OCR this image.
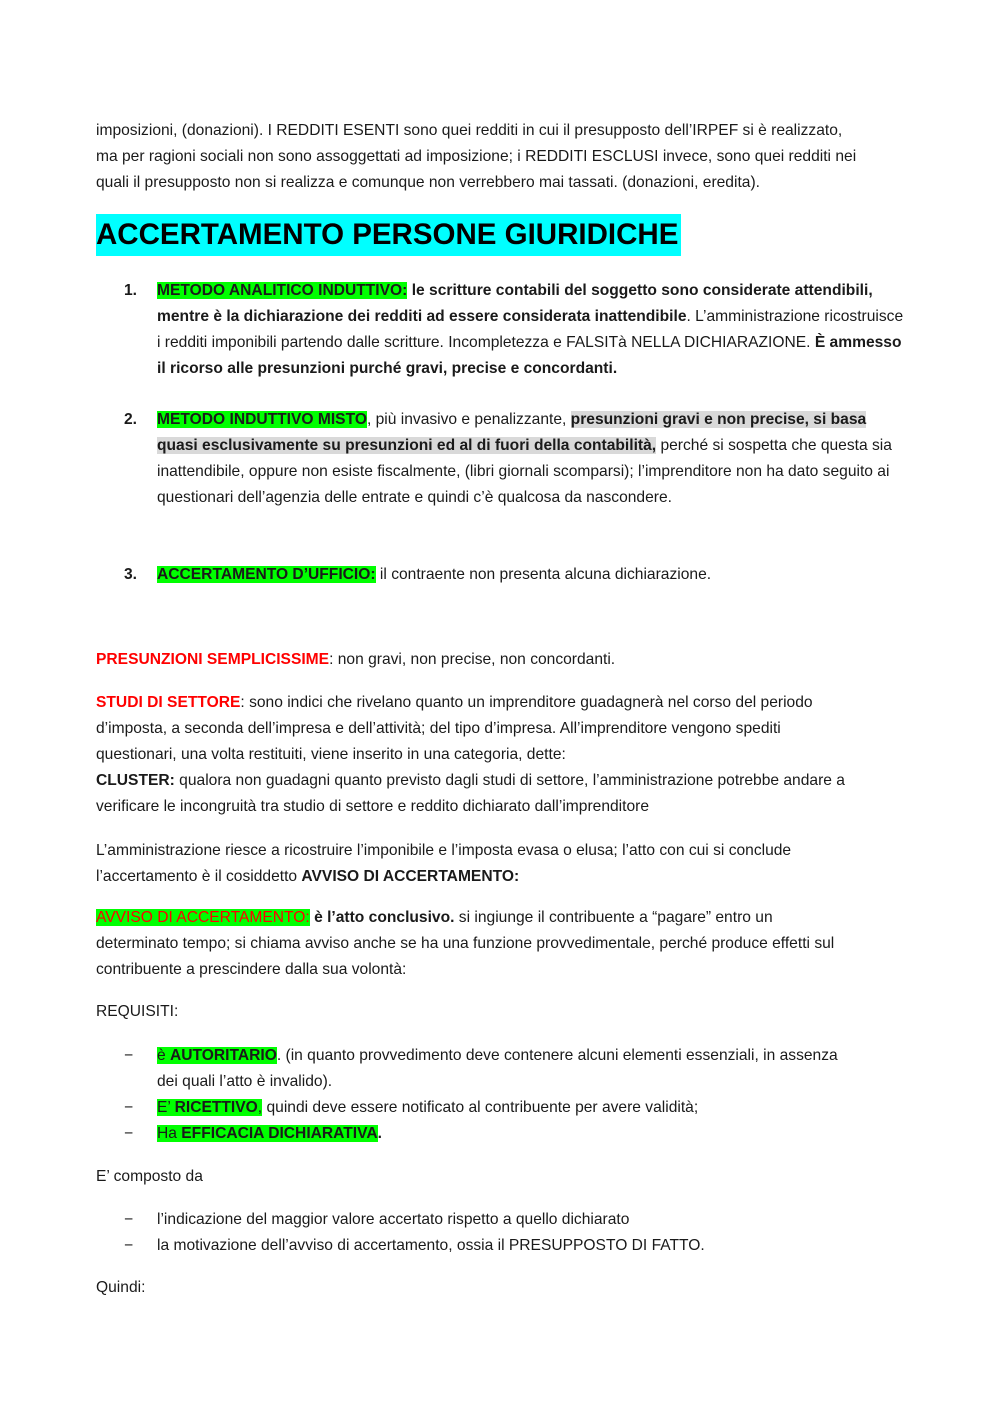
imposizioni, (donazioni). I REDDITI ESENTI sono quei redditi in cui il presupposto dell’IRPEF si è realizzato,
ma per ragioni sociali non sono assoggettati ad imposizione; i REDDITI ESCLUSI invece, sono quei redditi nei
quali il presupposto non si realizza e comunque non verrebbero mai tassati. (donazioni, eredita).
ACCERTAMENTO PERSONE GIURIDICHE
1. METODO ANALITICO INDUTTIVO: le scritture contabili del soggetto sono considerate attendibili, mentre è la dichiarazione dei redditi ad essere considerata inattendibile. L’amministrazione ricostruisce i redditi imponibili partendo dalle scritture. Incompletezza e FALSITà NELLA DICHIARAZIONE. È ammesso il ricorso alle presunzioni purché gravi, precise e concordanti.
2. METODO INDUTTIVO MISTO, più invasivo e penalizzante, presunzioni gravi e non precise, si basa quasi esclusivamente su presunzioni ed al di fuori della contabilità, perché si sospetta che questa sia inattendibile, oppure non esiste fiscalmente, (libri giornali scomparsi); l’imprenditore non ha dato seguito ai questionari dell’agenzia delle entrate e quindi c’è qualcosa da nascondere.
3. ACCERTAMENTO D’UFFICIO: il contraente non presenta alcuna dichiarazione.
PRESUNZIONI SEMPLICISSIME: non gravi, non precise, non concordanti.
STUDI DI SETTORE: sono indici che rivelano quanto un imprenditore guadagnerà nel corso del periodo
d’imposta, a seconda dell’impresa e dell’attività; del tipo d’impresa. All’imprenditore vengono spediti
questionari, una volta restituiti, viene inserito in una categoria, dette:
CLUSTER: qualora non guadagni quanto previsto dagli studi di settore, l’amministrazione potrebbe andare a
verificare le incongruità tra studio di settore e reddito dichiarato dall’imprenditore
L’amministrazione riesce a ricostruire l’imponibile e l’imposta evasa o elusa; l’atto con cui si conclude
l’accertamento è il cosiddetto AVVISO DI ACCERTAMENTO:
AVVISO DI ACCERTAMENTO: è l’atto conclusivo. si ingiunge il contribuente a “pagare” entro un
determinato tempo; si chiama avviso anche se ha una funzione provvedimentale, perché produce effetti sul
contribuente a prescindere dalla sua volontà:
REQUISITI:
− è AUTORITARIO. (in quanto provvedimento deve contenere alcuni elementi essenziali, in assenza
dei quali l’atto è invalido).
− E’ RICETTIVO, quindi deve essere notificato al contribuente per avere validità;
− Ha EFFICACIA DICHIARATIVA.
E’ composto da
− l’indicazione del maggior valore accertato rispetto a quello dichiarato
− la motivazione dell’avviso di accertamento, ossia il PRESUPPOSTO DI FATTO.
Quindi:
